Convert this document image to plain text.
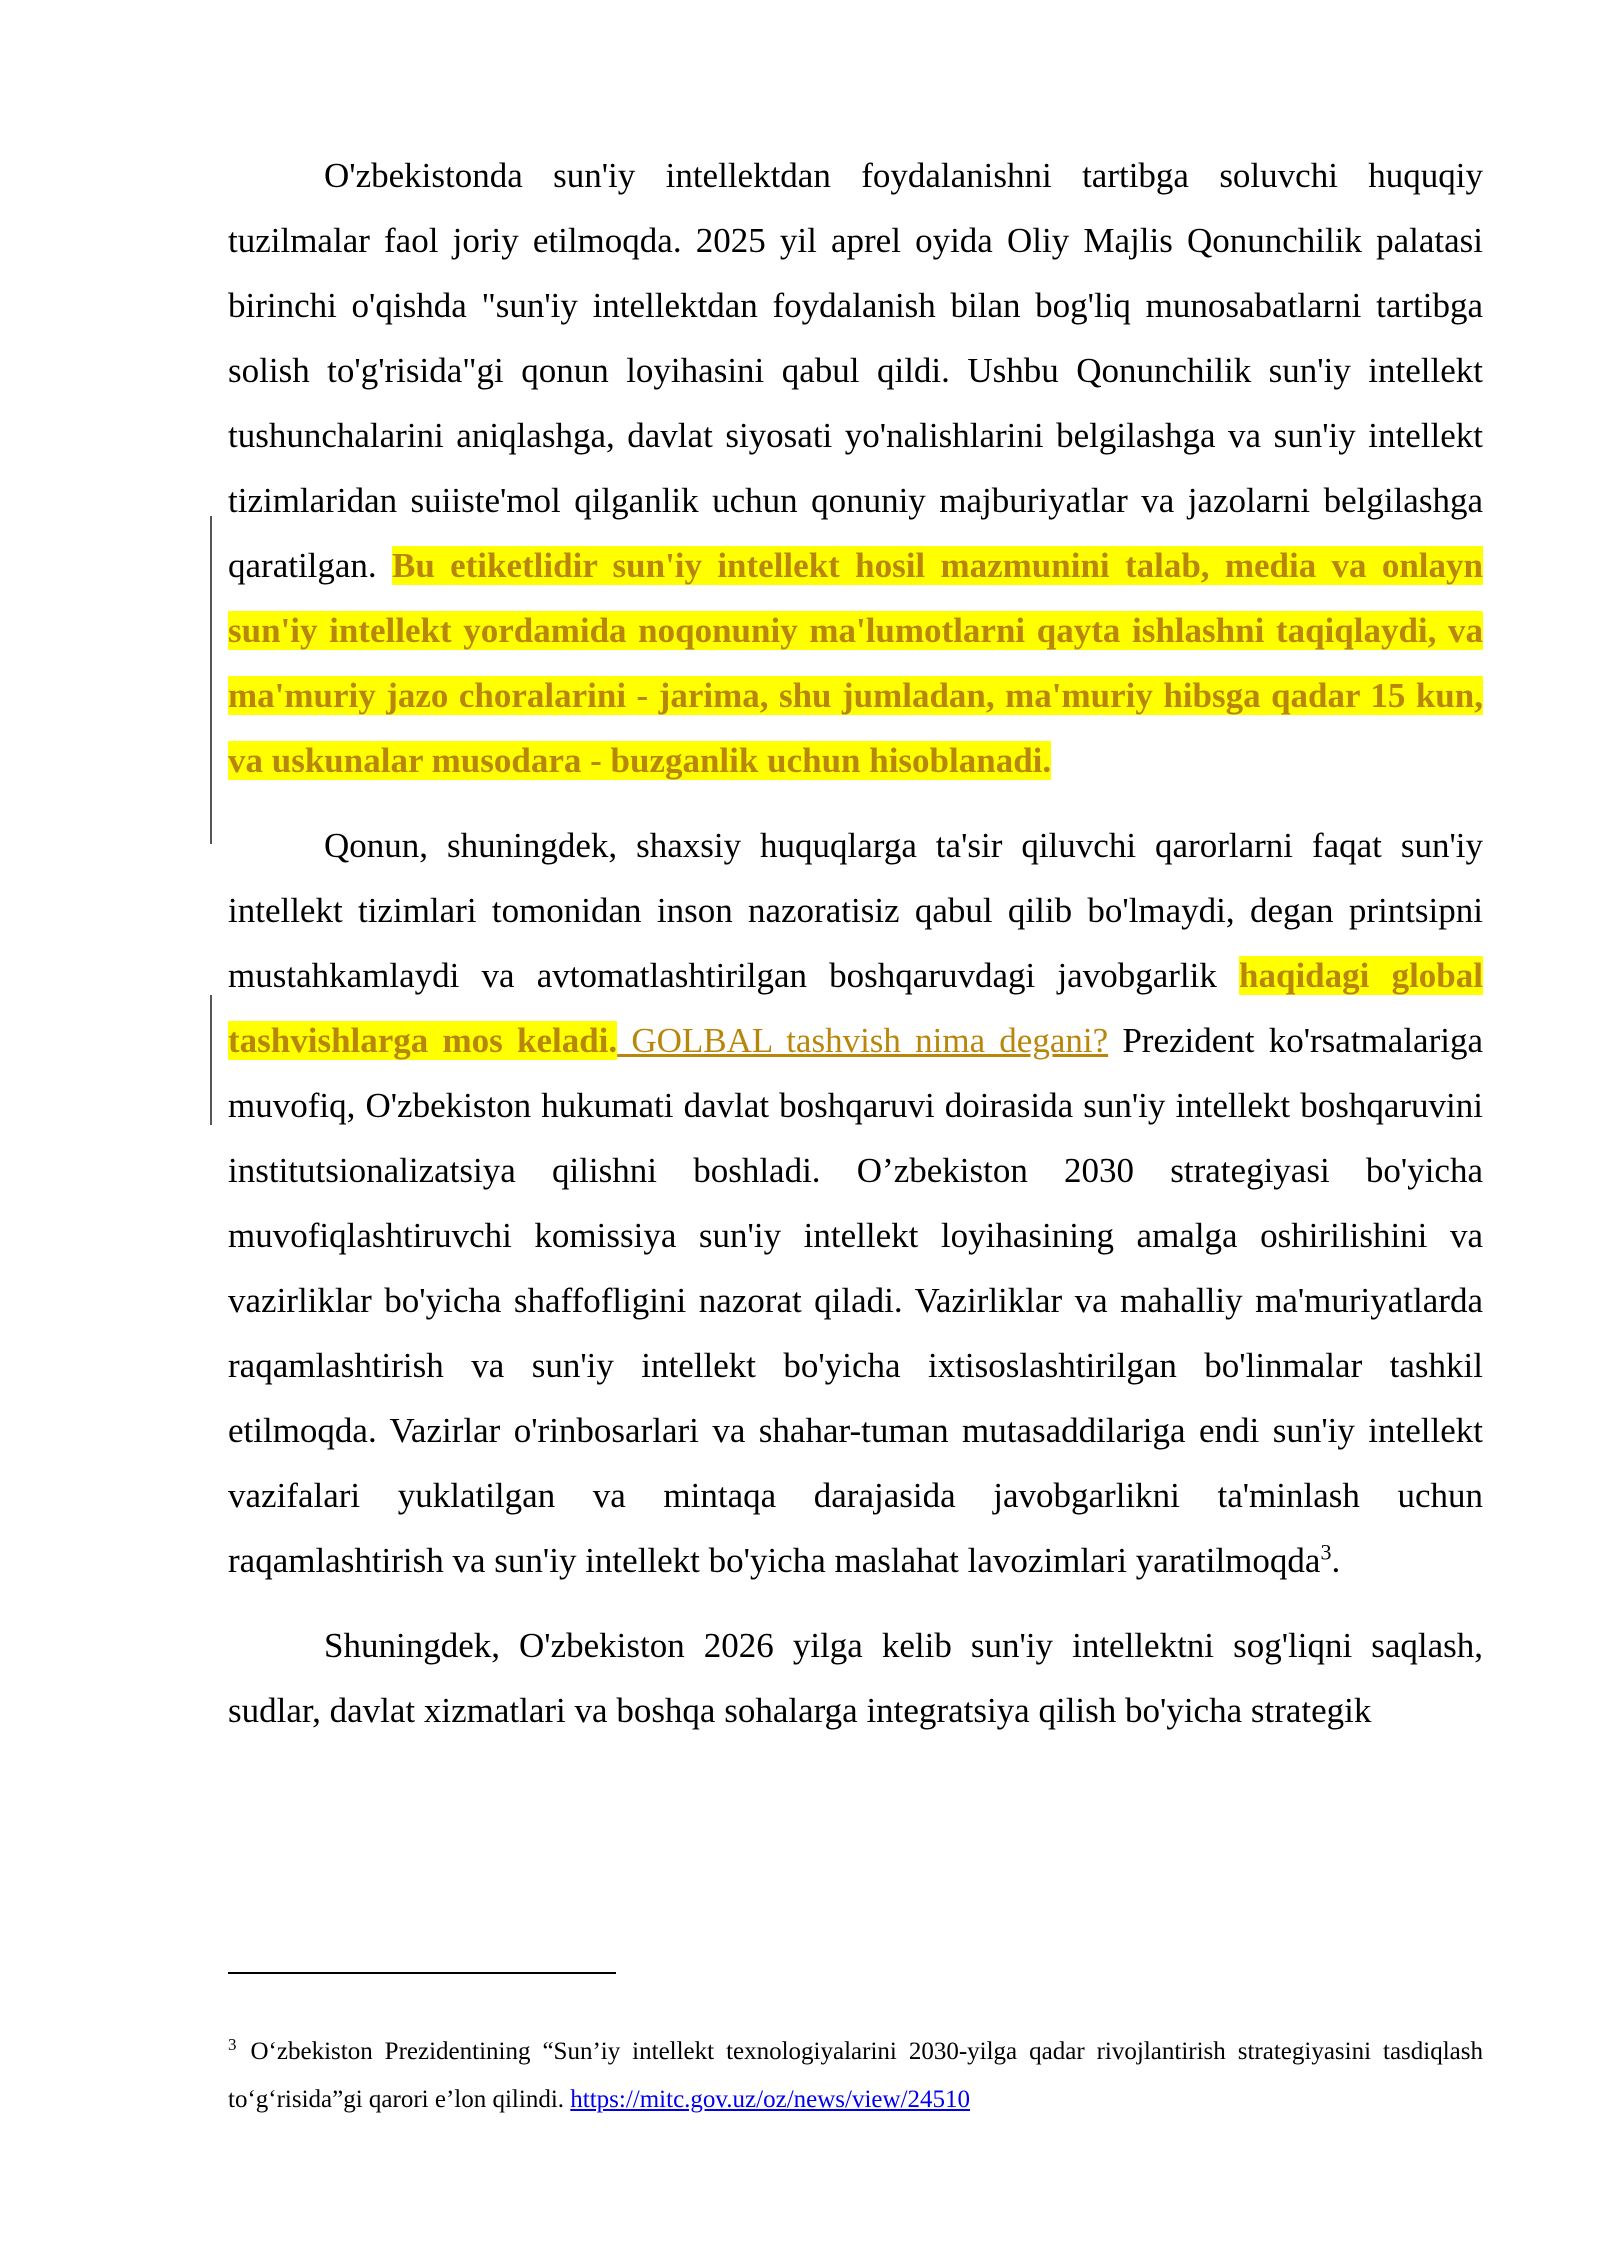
O'zbekistonda sun'iy intellektdan foydalanishni tartibga soluvchi huquqiy tuzilmalar faol joriy etilmoqda. 2025 yil aprel oyida Oliy Majlis Qonunchilik palatasi birinchi o'qishda "sun'iy intellektdan foydalanish bilan bog'liq munosabatlarni tartibga solish to'g'risida"gi qonun loyihasini qabul qildi. Ushbu Qonunchilik sun'iy intellekt tushunchalarini aniqlashga, davlat siyosati yo'nalishlarini belgilashga va sun'iy intellekt tizimlaridan suiiste'mol qilganlik uchun qonuniy majburiyatlar va jazolarni belgilashga qaratilgan. Bu etiketlidir sun'iy intellekt hosil mazmunini talab, media va onlayn sun'iy intellekt yordamida noqonuniy ma'lumotlarni qayta ishlashni taqiqlaydi, va ma'muriy jazo choralarini - jarima, shu jumladan, ma'muriy hibsga qadar 15 kun, va uskunalar musodara - buzganlik uchun hisoblanadi.

Qonun, shuningdek, shaxsiy huquqlarga ta'sir qiluvchi qarorlarni faqat sun'iy intellekt tizimlari tomonidan inson nazoratisiz qabul qilib bo'lmaydi, degan printsipni mustahkamlaydi va avtomatlashtirilgan boshqaruvdagi javobgarlik haqidagi global tashvishlarga mos keladi. GOLBAL tashvish nima degani? Prezident ko'rsatmalariga muvofiq, O'zbekiston hukumati davlat boshqaruvi doirasida sun'iy intellekt boshqaruvini institutsionalizatsiya qilishni boshladi. O’zbekiston 2030 strategiyasi bo'yicha muvofiqlashtiruvchi komissiya sun'iy intellekt loyihasining amalga oshirilishini va vazirliklar bo'yicha shaffofligini nazorat qiladi. Vazirliklar va mahalliy ma'muriyatlarda raqamlashtirish va sun'iy intellekt bo'yicha ixtisoslashtirilgan bo'linmalar tashkil etilmoqda. Vazirlar o'rinbosarlari va shahar-tuman mutasaddilariga endi sun'iy intellekt vazifalari yuklatilgan va mintaqa darajasida javobgarlikni ta'minlash uchun raqamlashtirish va sun'iy intellekt bo'yicha maslahat lavozimlari yaratilmoqda$^3$.

Shuningdek, O'zbekiston 2026 yilga kelib sun'iy intellektni sog'liqni saqlash, sudlar, davlat xizmatlari va boshqa sohalarga integratsiya qilish bo'yicha strategik

$^3$ O‘zbekiston Prezidentining “Sun’iy intellekt texnologiyalarini 2030-yilga qadar rivojlantirish strategiyasini tasdiqlash to‘g‘risida”gi qarori e’lon qilindi. https://mitc.gov.uz/oz/news/view/24510
